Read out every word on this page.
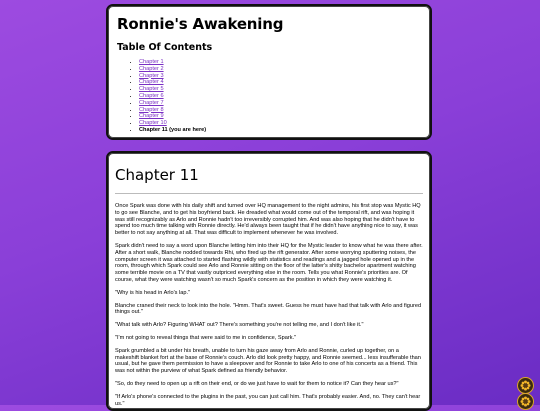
Ronnie's Awakening
Table Of Contents
• Chapter 1
• Chapter 2
• Chapter 3
• Chapter 4
• Chapter 5
• Chapter 6
• Chapter 7
• Chapter 8
• Chapter 9
• Chapter 10
• Chapter 11 (you are here)
Chapter 11

Once Spark was done with his daily shift and turned over HQ management to the night admins, his first stop was Mystic HQ to go see Blanche, and to get his boyfriend back. He dreaded what would come out of the temporal rift, and was hoping it was still recognizably as Arlo and Ronnie hadn't too irreversibly corrupted him. And was also hoping that he didn't have to spend too much time talking with Ronnie directly. He'd always been taught that if he didn't have anything nice to say, it was better to not say anything at all. That was difficult to implement whenever he was involved.

Spark didn't need to say a word upon Blanche letting him into their HQ for the Mystic leader to know what he was there after. After a short walk, Blanche nodded towards Rhi, who fired up the rift generator. After some worrying sputtering noises, the computer screen it was attached to started flashing wildly with statistics and readings and a jagged hole opened up in the room, through which Spark could see Arlo and Ronnie sitting on the floor of the latter's shitty bachelor apartment watching some terrible movie on a TV that vastly outpriced everything else in the room. Tells you what Ronnie's priorities are. Of course, what they were watching wasn't so much Spark's concern as the position in which they were watching it.

"Why is his head in Arlo's lap."

Blanche craned their neck to look into the hole. "Hmm. That's sweet. Guess he must have had that talk with Arlo and figured things out."

"What talk with Arlo? Figuring WHAT out? There's something you're not telling me, and I don't like it."

"I'm not going to reveal things that were said to me in confidence, Spark."

Spark grumbled a bit under his breath, unable to turn his gaze away from Arlo and Ronnie, curled up together, on a makeshift blanket fort at the base of Ronnie's couch. Arlo did look pretty happy, and Ronnie seemed... less insufferable than usual, but he gave them permission to have a sleepover and for Ronnie to take Arlo to one of his concerts as a friend. This was not within the purview of what Spark defined as friendly behavior.

"So, do they need to open up a rift on their end, or do we just have to wait for them to notice it? Can they hear us?"

"If Arlo's phone's connected to the plugins in the past, you can just call him. That's probably easier. And, no. They can't hear us."
